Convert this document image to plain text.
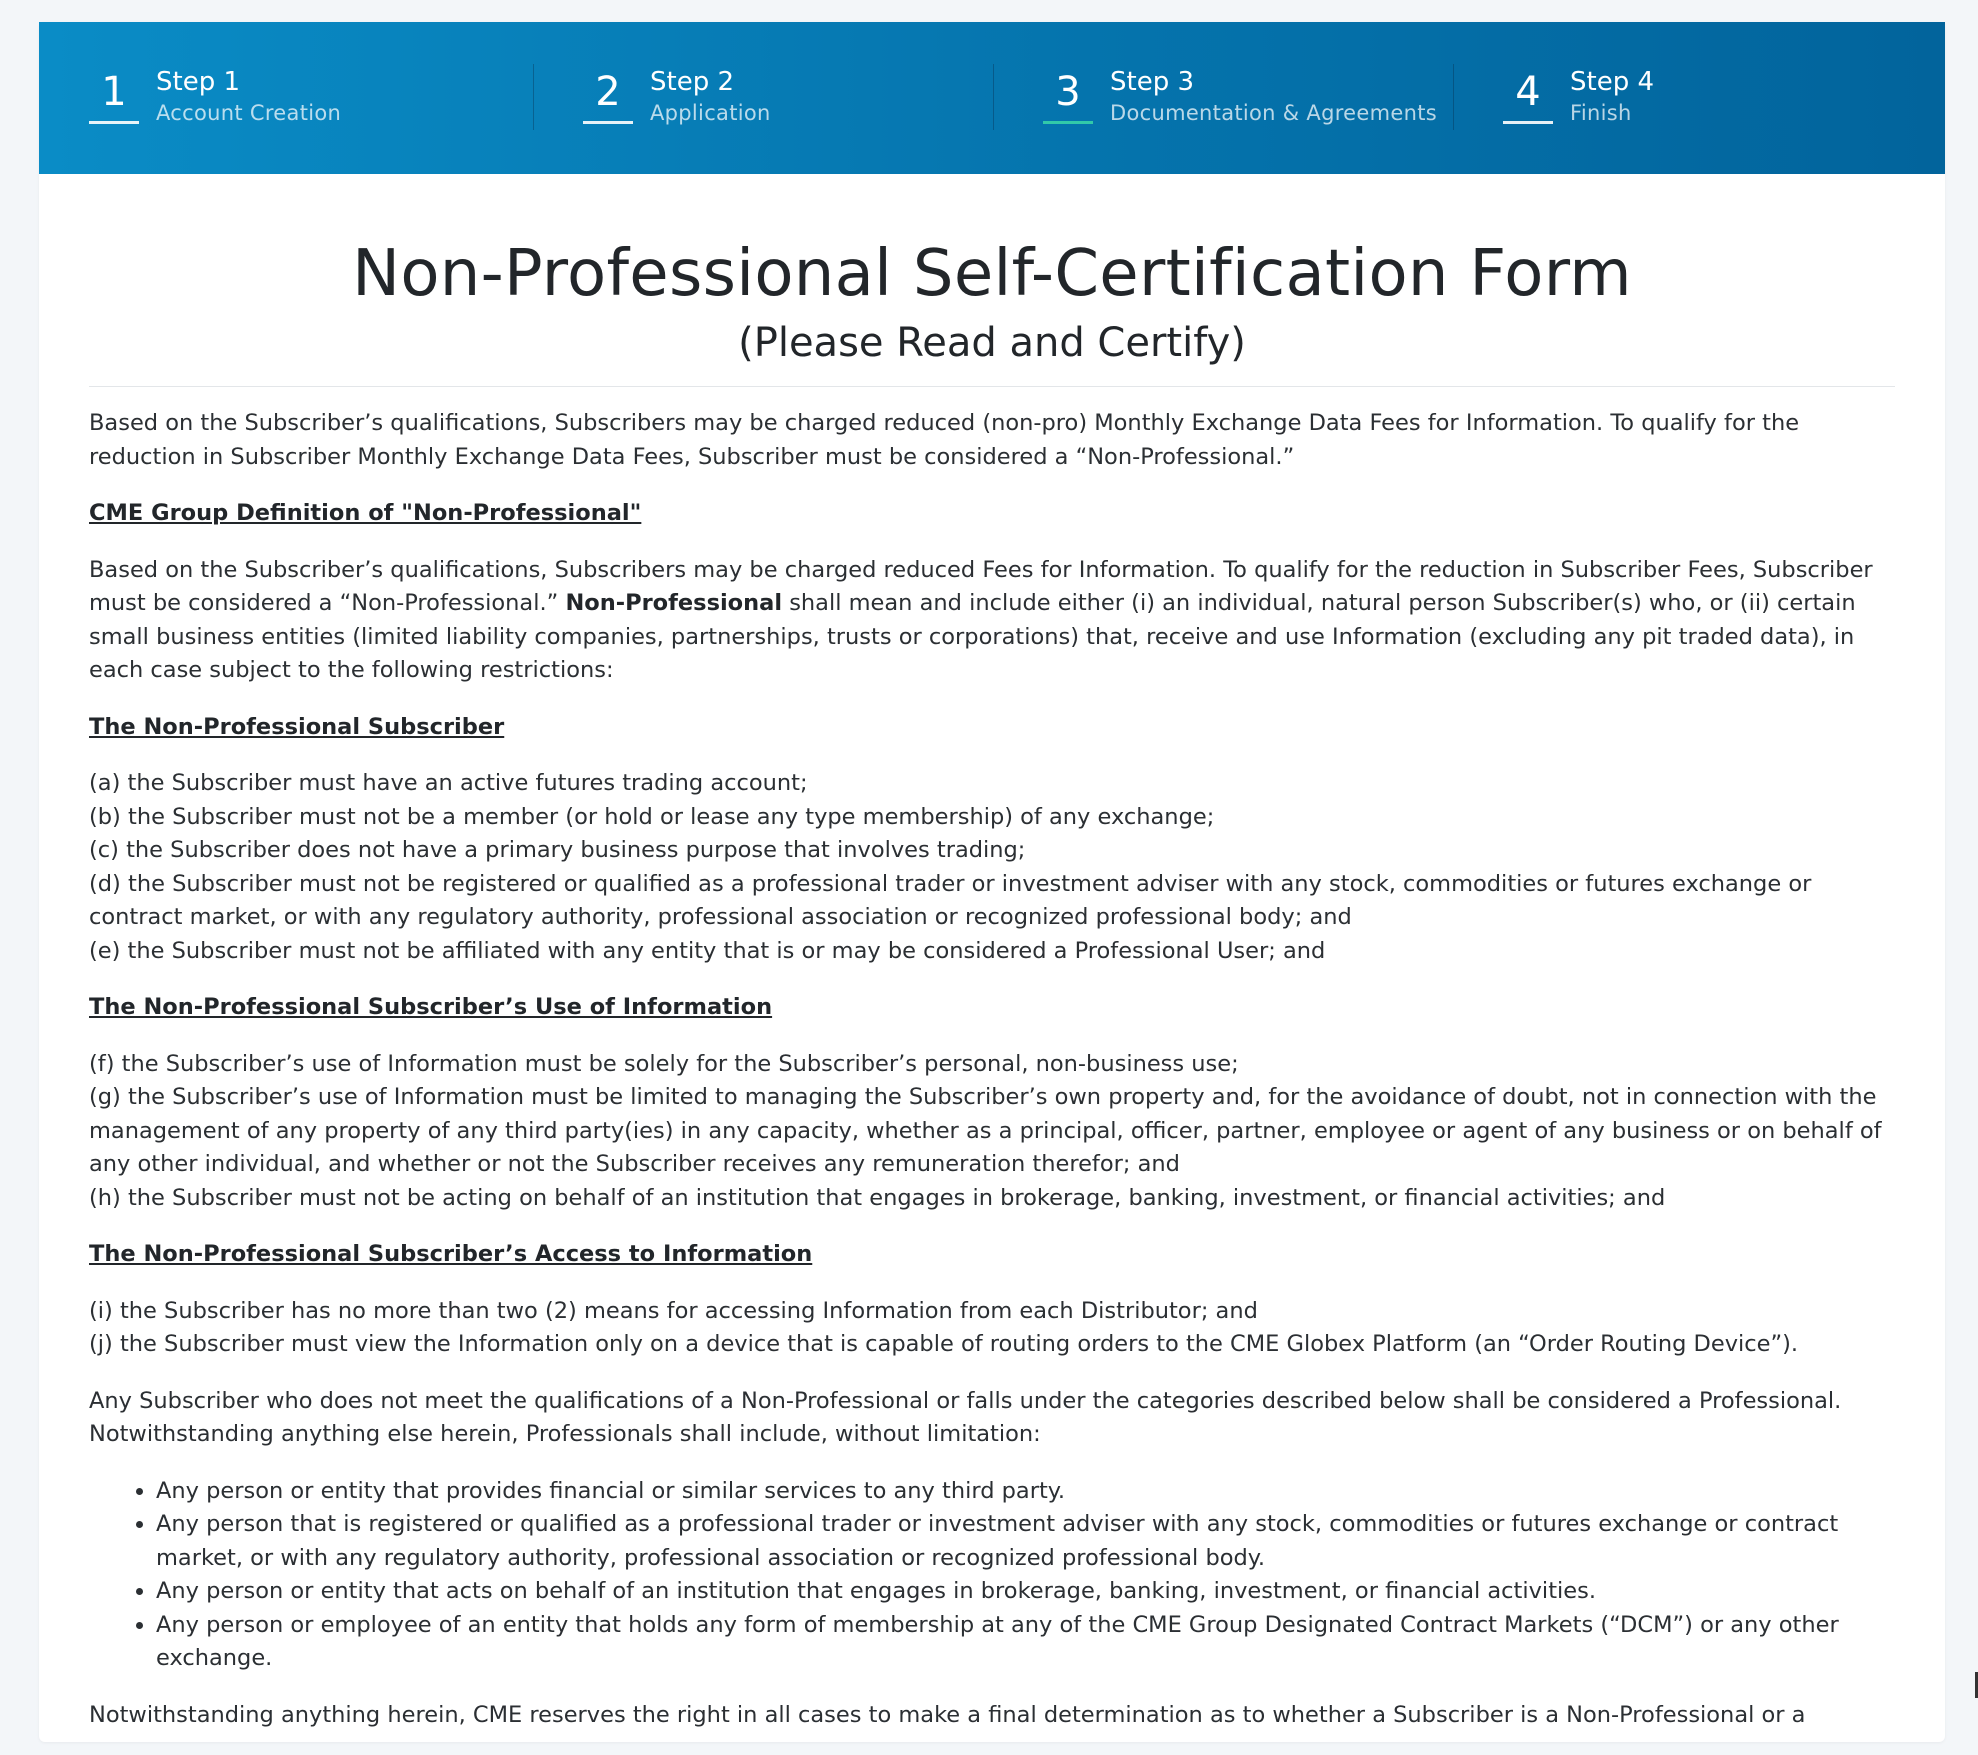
1	Step 1
Account Creation	2	Step 2
Application	3	Step 3
Documentation & Agreements	4	Step 4
Finish
Non-Professional Self-Certification Form
(Please Read and Certify)

Based on the Subscriber’s qualifications, Subscribers may be charged reduced (non-pro) Monthly Exchange Data Fees for Information. To qualify for the reduction in Subscriber Monthly Exchange Data Fees, Subscriber must be considered a “Non-Professional.”

CME Group Definition of "Non-Professional"

Based on the Subscriber’s qualifications, Subscribers may be charged reduced Fees for Information. To qualify for the reduction in Subscriber Fees, Subscriber must be considered a “Non-Professional.” Non-Professional shall mean and include either (i) an individual, natural person Subscriber(s) who, or (ii) certain small business entities (limited liability companies, partnerships, trusts or corporations) that, receive and use Information (excluding any pit traded data), in each case subject to the following restrictions:

The Non-Professional Subscriber
(a) the Subscriber must have an active futures trading account;
(b) the Subscriber must not be a member (or hold or lease any type membership) of any exchange;
(c) the Subscriber does not have a primary business purpose that involves trading;
(d) the Subscriber must not be registered or qualified as a professional trader or investment adviser with any stock, commodities or futures exchange or contract market, or with any regulatory authority, professional association or recognized professional body; and
(e) the Subscriber must not be affiliated with any entity that is or may be considered a Professional User; and
The Non-Professional Subscriber’s Use of Information
(f) the Subscriber’s use of Information must be solely for the Subscriber’s personal, non-business use;
(g) the Subscriber’s use of Information must be limited to managing the Subscriber’s own property and, for the avoidance of doubt, not in connection with the management of any property of any third party(ies) in any capacity, whether as a principal, officer, partner, employee or agent of any business or on behalf of any other individual, and whether or not the Subscriber receives any remuneration therefor; and
(h) the Subscriber must not be acting on behalf of an institution that engages in brokerage, banking, investment, or financial activities; and
The Non-Professional Subscriber’s Access to Information
(i) the Subscriber has no more than two (2) means for accessing Information from each Distributor; and
(j) the Subscriber must view the Information only on a device that is capable of routing orders to the CME Globex Platform (an “Order Routing Device”).

Any Subscriber who does not meet the qualifications of a Non-Professional or falls under the categories described below shall be considered a Professional. Notwithstanding anything else herein, Professionals shall include, without limitation:

• Any person or entity that provides financial or similar services to any third party.
• Any person that is registered or qualified as a professional trader or investment adviser with any stock, commodities or futures exchange or contract market, or with any regulatory authority, professional association or recognized professional body.
• Any person or entity that acts on behalf of an institution that engages in brokerage, banking, investment, or financial activities.
• Any person or employee of an entity that holds any form of membership at any of the CME Group Designated Contract Markets (“DCM”) or any other exchange.

Notwithstanding anything herein, CME reserves the right in all cases to make a final determination as to whether a Subscriber is a Non-Professional or a
